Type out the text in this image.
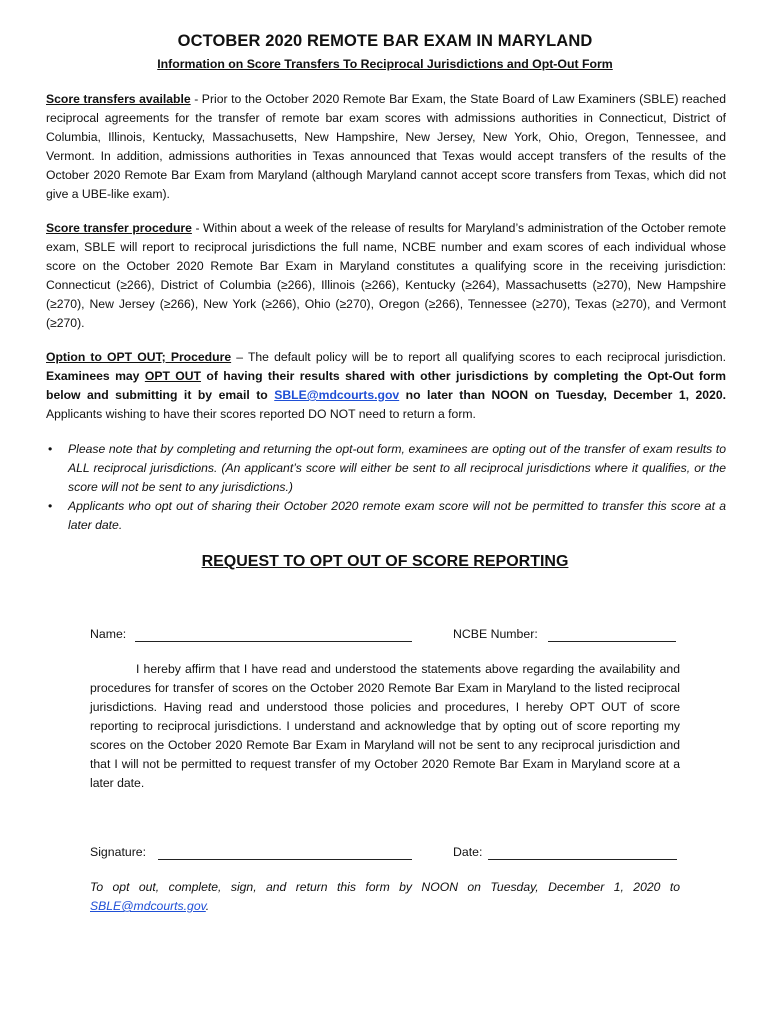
OCTOBER 2020 REMOTE BAR EXAM IN MARYLAND
Information on Score Transfers To Reciprocal Jurisdictions and Opt-Out Form

Score transfers available - Prior to the October 2020 Remote Bar Exam, the State Board of Law Examiners (SBLE) reached reciprocal agreements for the transfer of remote bar exam scores with admissions authorities in Connecticut, District of Columbia, Illinois, Kentucky, Massachusetts, New Hampshire, New Jersey, New York, Ohio, Oregon, Tennessee, and Vermont. In addition, admissions authorities in Texas announced that Texas would accept transfers of the results of the October 2020 Remote Bar Exam from Maryland (although Maryland cannot accept score transfers from Texas, which did not give a UBE-like exam).

Score transfer procedure - Within about a week of the release of results for Maryland’s administration of the October remote exam, SBLE will report to reciprocal jurisdictions the full name, NCBE number and exam scores of each individual whose score on the October 2020 Remote Bar Exam in Maryland constitutes a qualifying score in the receiving jurisdiction: Connecticut (≥266), District of Columbia (≥266), Illinois (≥266), Kentucky (≥264), Massachusetts (≥270), New Hampshire (≥270), New Jersey (≥266), New York (≥266), Ohio (≥270), Oregon (≥266), Tennessee (≥270), Texas (≥270), and Vermont (≥270).

Option to OPT OUT; Procedure – The default policy will be to report all qualifying scores to each reciprocal jurisdiction. Examinees may OPT OUT of having their results shared with other jurisdictions by completing the Opt-Out form below and submitting it by email to SBLE@mdcourts.gov no later than NOON on Tuesday, December 1, 2020. Applicants wishing to have their scores reported DO NOT need to return a form.

• Please note that by completing and returning the opt-out form, examinees are opting out of the transfer of exam results to ALL reciprocal jurisdictions. (An applicant’s score will either be sent to all reciprocal jurisdictions where it qualifies, or the score will not be sent to any jurisdictions.)
• Applicants who opt out of sharing their October 2020 remote exam score will not be permitted to transfer this score at a later date.
REQUEST TO OPT OUT OF SCORE REPORTING
Name:	NCBE Number:

I hereby affirm that I have read and understood the statements above regarding the availability and procedures for transfer of scores on the October 2020 Remote Bar Exam in Maryland to the listed reciprocal jurisdictions. Having read and understood those policies and procedures, I hereby OPT OUT of score reporting to reciprocal jurisdictions. I understand and acknowledge that by opting out of score reporting my scores on the October 2020 Remote Bar Exam in Maryland will not be sent to any reciprocal jurisdiction and that I will not be permitted to request transfer of my October 2020 Remote Bar Exam in Maryland score at a later date.

Signature:	Date:

To opt out, complete, sign, and return this form by NOON on Tuesday, December 1, 2020 to SBLE@mdcourts.gov.
